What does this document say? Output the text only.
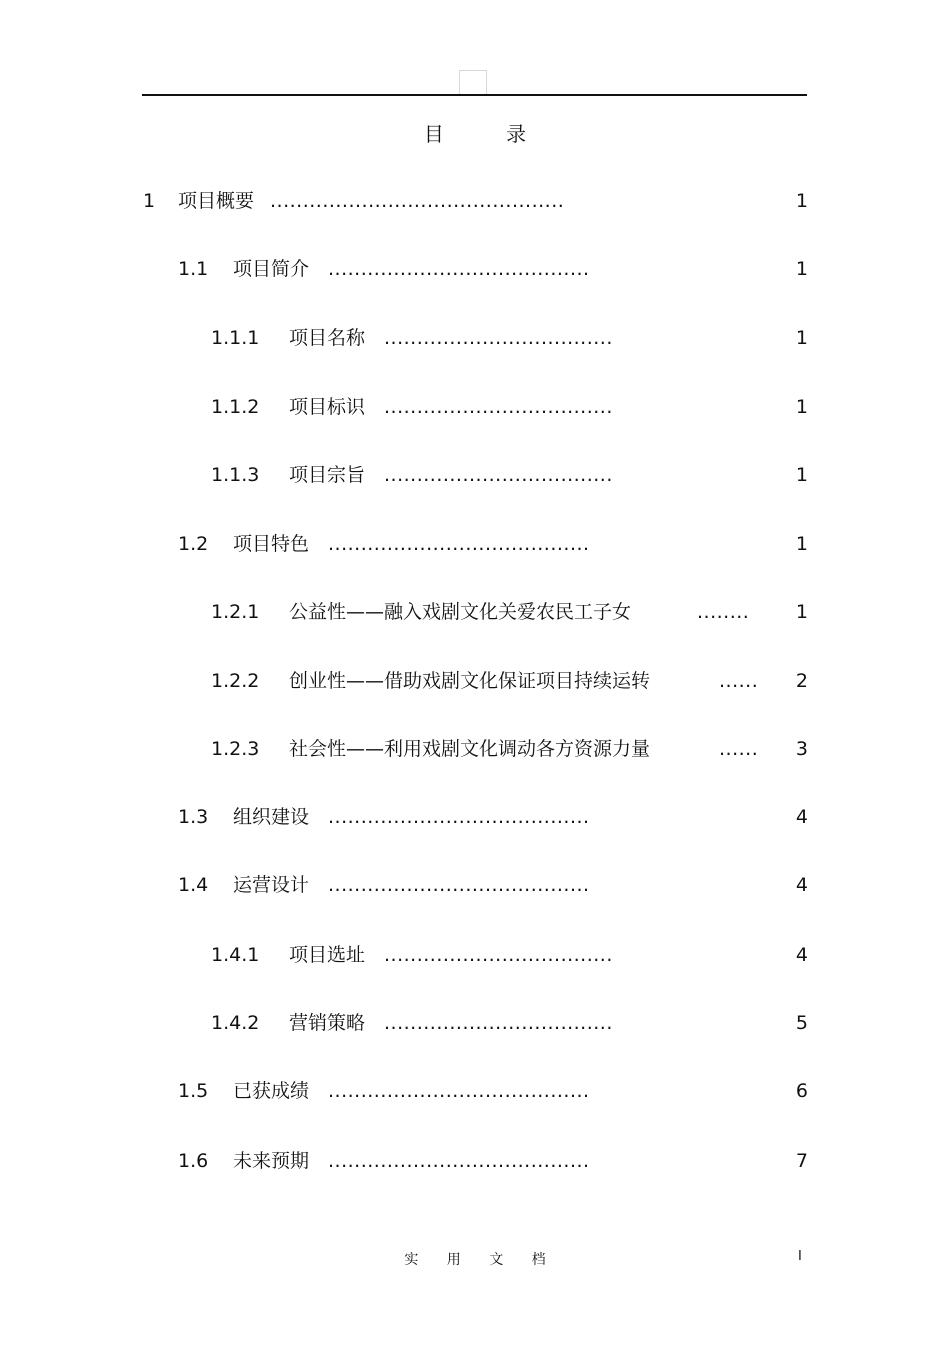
目 录
1 项目概要 .............................................	1
1.1 项目简介 ........................................	1
1.1.1 项目名称 ...................................	1
1.1.2 项目标识 ...................................	1
1.1.3 项目宗旨 ...................................	1
1.2 项目特色 ........................................	1
1.2.1 公益性——融入戏剧文化关爱农民工子女	........ 1
1.2.2 创业性——借助戏剧文化保证项目持续运转	...... 2
1.2.3 社会性——利用戏剧文化调动各方资源力量	...... 3
1.3 组织建设 ........................................	4
1.4 运营设计 ........................................	4
1.4.1 项目选址 ...................................	4
1.4.2 营销策略 ...................................	5
1.5 已获成绩 ........................................	6
1.6 未来预期 ........................................	7
实 用 文 档	I
